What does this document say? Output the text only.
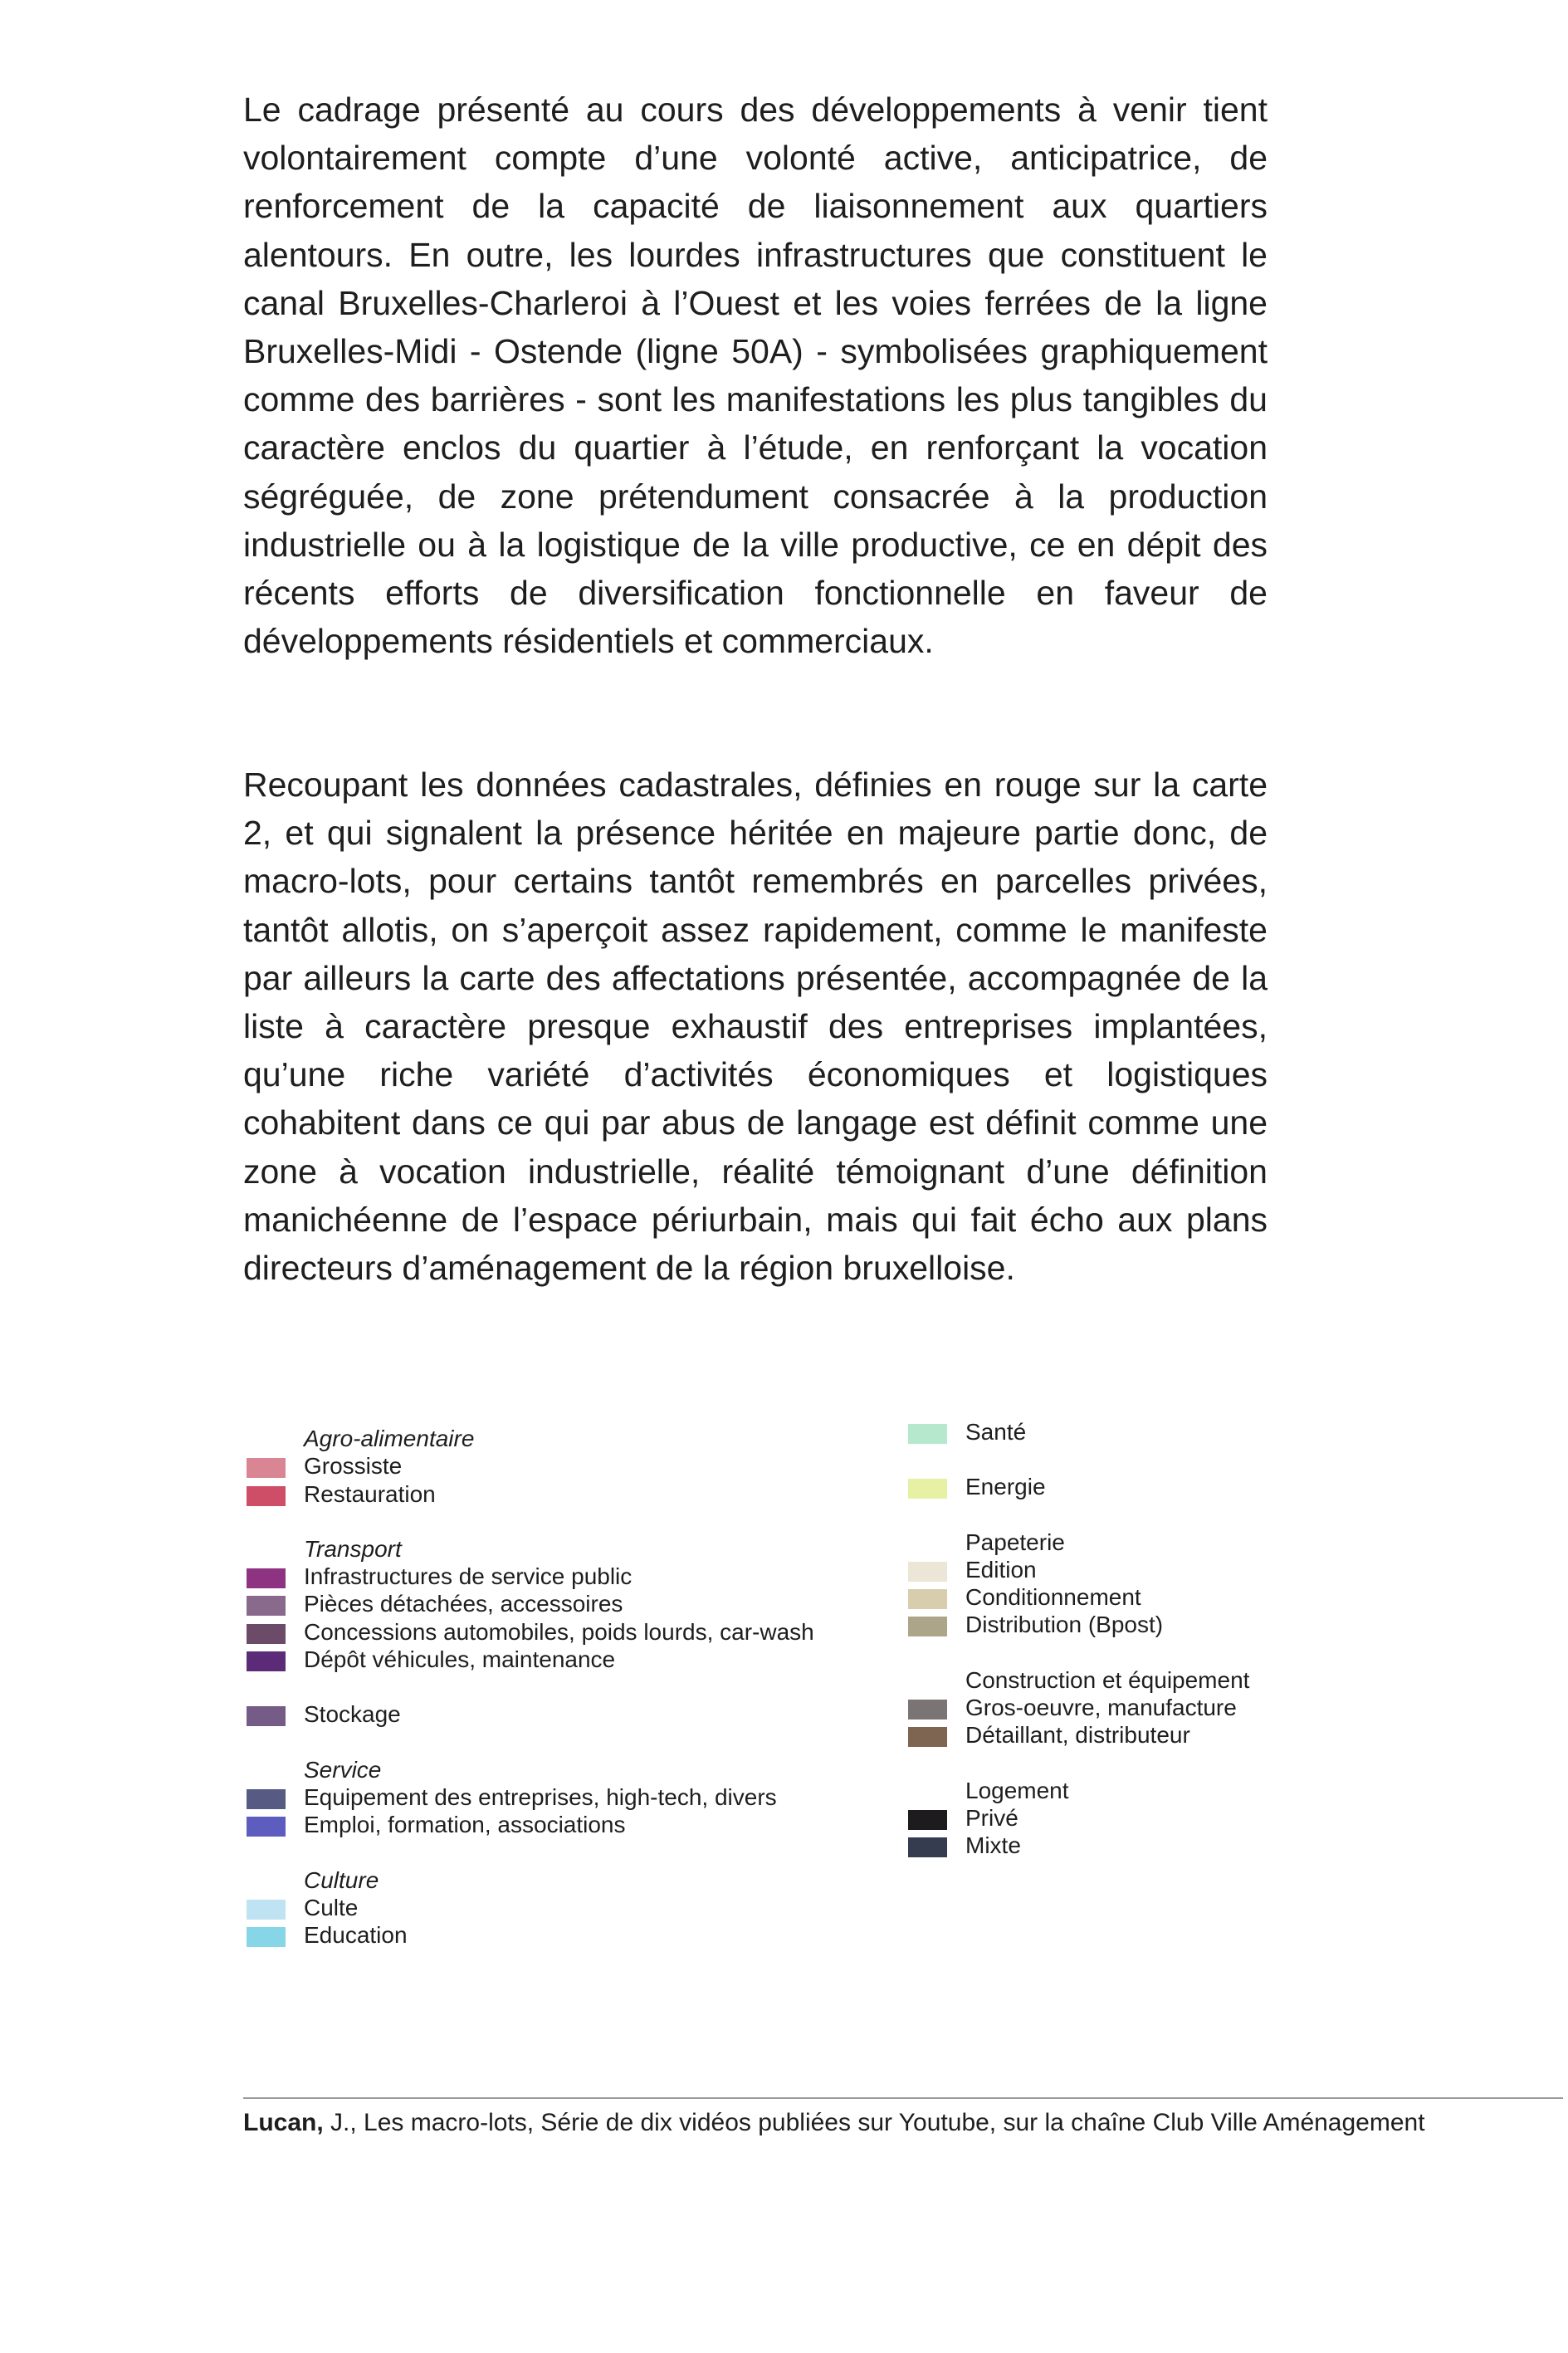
Le cadrage présenté au cours des développements à venir tient volontairement compte d’une volonté active, anticipatrice, de renforcement de la capacité de liaisonnement aux quartiers alentours. En outre, les lourdes infrastructures que constituent le canal Bruxelles-Charleroi à l’Ouest et les voies ferrées de la ligne Bruxelles-Midi - Ostende (ligne 50A) - symbolisées graphiquement comme des barrières - sont les manifestations les plus tangibles du caractère enclos du quartier à l’étude, en renforçant la vocation ségréguée, de zone prétendument consacrée à la production industrielle ou à la logistique de la ville productive, ce en dépit des récents efforts de diversification fonctionnelle en faveur de développements résidentiels et commerciaux.

Recoupant les données cadastrales, définies en rouge sur la carte 2, et qui signalent la présence héritée en majeure partie donc, de macro-lots, pour certains tantôt remembrés en parcelles privées, tantôt allotis, on s’aperçoit assez rapidement, comme le manifeste par ailleurs la carte des affectations présentée, accompagnée de la liste à caractère presque exhaustif des entreprises implantées, qu’une riche variété d’activités économiques et logistiques cohabitent dans ce qui par abus de langage est définit comme une zone à vocation industrielle, réalité témoignant d’une définition manichéenne de l’espace périurbain, mais qui fait écho aux plans directeurs d’aménagement de la région bruxelloise.

Agro-alimentaire
Grossiste
Restauration
Transport
Infrastructures de service public
Pièces détachées, accessoires
Concessions automobiles, poids lourds, car-wash
Dépôt véhicules, maintenance
Stockage
Service
Equipement des entreprises, high-tech, divers
Emploi, formation, associations
Culture
Culte
Education
Santé
Energie
Papeterie
Edition
Conditionnement
Distribution (Bpost)
Construction et équipement
Gros-oeuvre, manufacture
Détaillant, distributeur
Logement
Privé
Mixte

Lucan, J., Les macro-lots, Série de dix vidéos publiées sur Youtube, sur la chaîne Club Ville Aménagement
